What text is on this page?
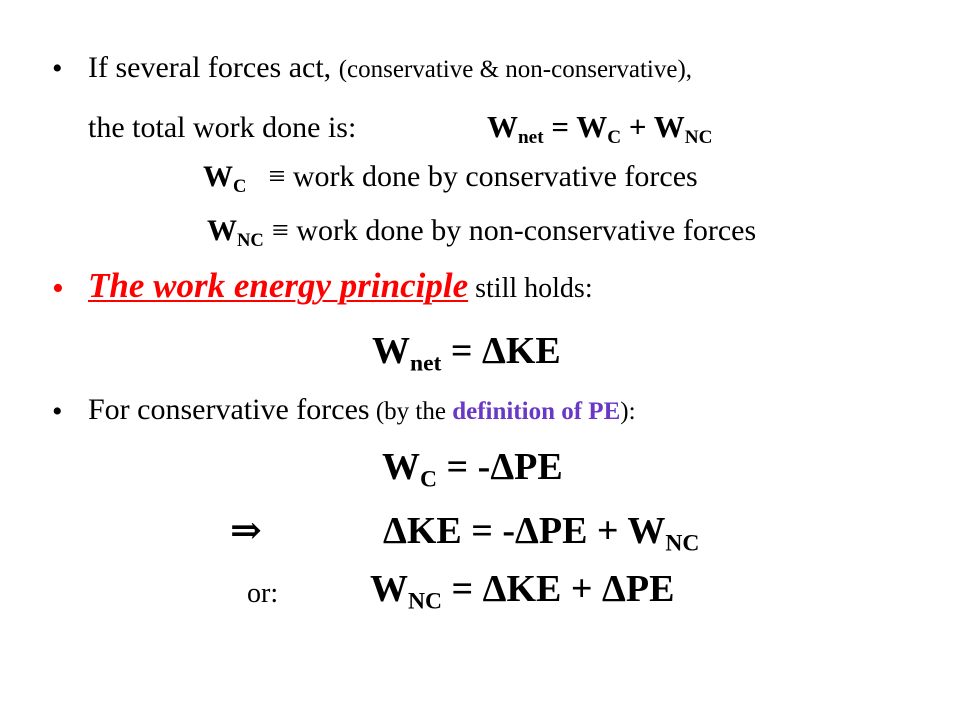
• If several forces act, (conservative & non-conservative),
the total work done is:	$W_{net} = W_C + W_{NC}$
$W_C$ ≡ work done by conservative forces
$W_{NC}$ ≡ work done by non-conservative forces
• The work energy principle still holds:
$W_{net} = \Delta KE$
• For conservative forces (by the definition of PE):
$W_C = -\Delta PE$
⇒	$\Delta KE = -\Delta PE + W_{NC}$
or: $W_{NC} = \Delta KE + \Delta PE$
